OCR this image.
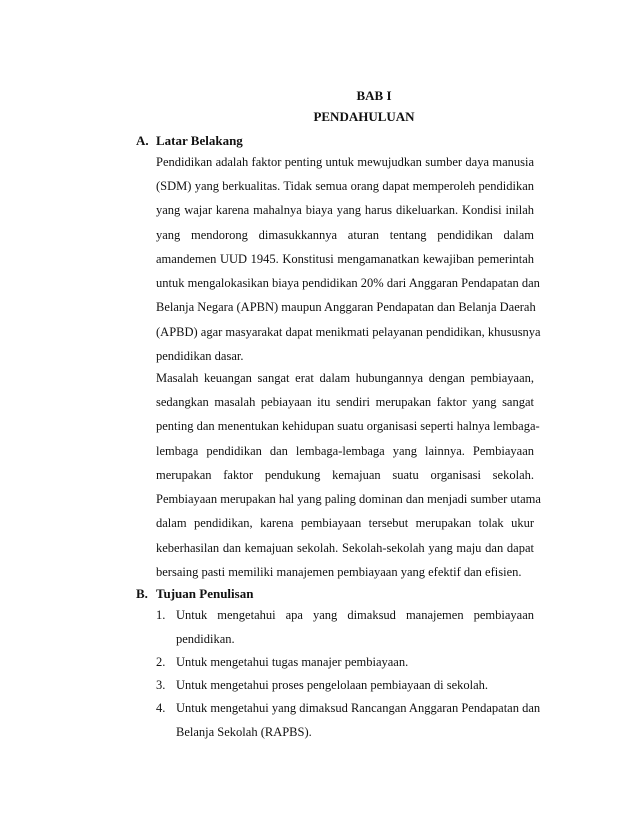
BAB I
PENDAHULUAN
A. Latar Belakang
Pendidikan adalah faktor penting untuk mewujudkan sumber daya manusia
(SDM) yang berkualitas. Tidak semua orang dapat memperoleh pendidikan
yang wajar karena mahalnya biaya yang harus dikeluarkan. Kondisi inilah
yang mendorong dimasukkannya aturan tentang pendidikan dalam
amandemen UUD 1945. Konstitusi mengamanatkan kewajiban pemerintah
untuk mengalokasikan biaya pendidikan 20% dari Anggaran Pendapatan dan
Belanja Negara (APBN) maupun Anggaran Pendapatan dan Belanja Daerah
(APBD) agar masyarakat dapat menikmati pelayanan pendidikan, khususnya
pendidikan dasar.
Masalah keuangan sangat erat dalam hubungannya dengan pembiayaan,
sedangkan masalah pebiayaan itu sendiri merupakan faktor yang sangat
penting dan menentukan kehidupan suatu organisasi seperti halnya lembaga-
lembaga pendidikan dan lembaga-lembaga yang lainnya. Pembiayaan
merupakan faktor pendukung kemajuan suatu organisasi sekolah.
Pembiayaan merupakan hal yang paling dominan dan menjadi sumber utama
dalam pendidikan, karena pembiayaan tersebut merupakan tolak ukur
keberhasilan dan kemajuan sekolah. Sekolah-sekolah yang maju dan dapat
bersaing pasti memiliki manajemen pembiayaan yang efektif dan efisien.
B. Tujuan Penulisan
1. Untuk mengetahui apa yang dimaksud manajemen pembiayaan
pendidikan.
2. Untuk mengetahui tugas manajer pembiayaan.
3. Untuk mengetahui proses pengelolaan pembiayaan di sekolah.
4. Untuk mengetahui yang dimaksud Rancangan Anggaran Pendapatan dan
Belanja Sekolah (RAPBS).
